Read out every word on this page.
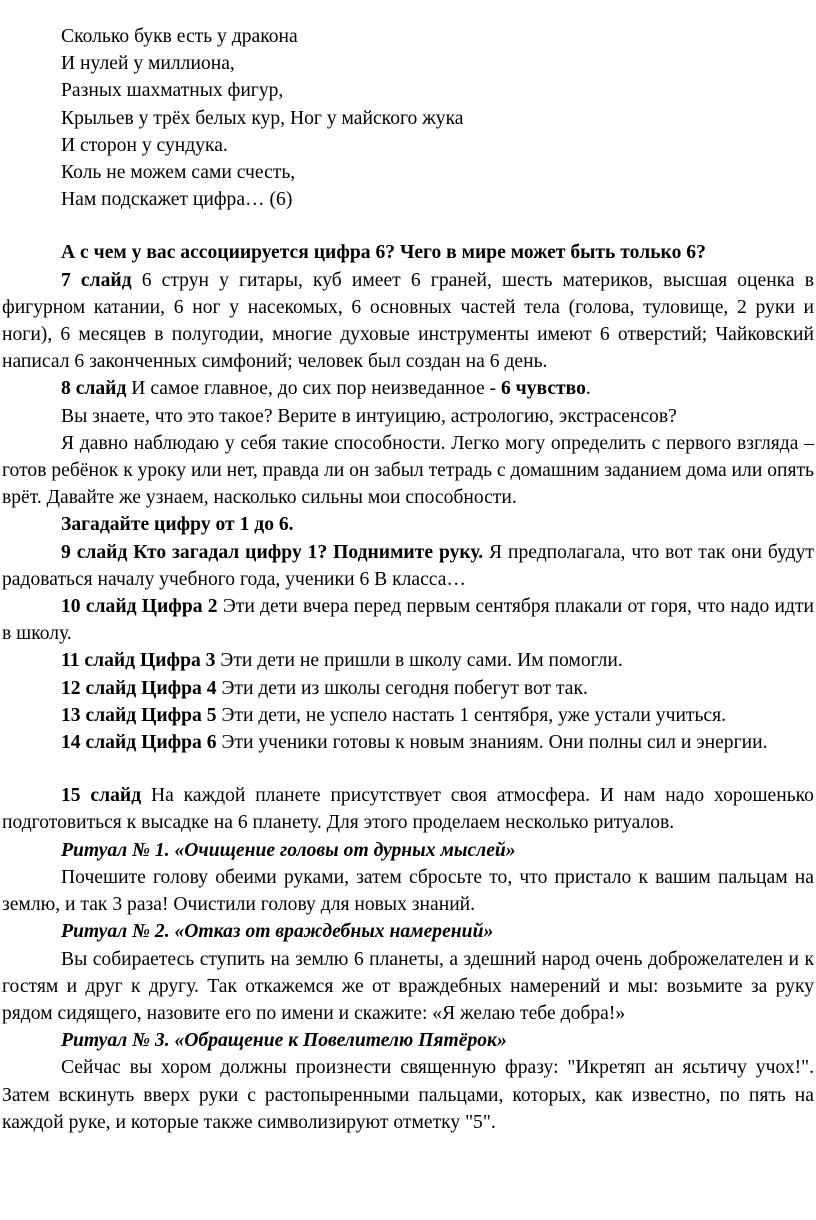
Сколько букв есть у дракона

И нулей у миллиона,

Разных шахматных фигур,

Крыльев у трёх белых кур, Ног у майского жука

И сторон у сундука.

Коль не можем сами счесть,

Нам подскажет цифра… (6)

А с чем у вас ассоциируется цифра 6? Чего в мире может быть только 6?

7 слайд 6 струн у гитары, куб имеет 6 граней, шесть материков, высшая оценка в фигурном катании, 6 ног у насекомых, 6 основных частей тела (голова, туловище, 2 руки и ноги), 6 месяцев в полугодии, многие духовые инструменты имеют 6 отверстий; Чайковский написал 6 законченных симфоний; человек был создан на 6 день.

8 слайд И самое главное, до сих пор неизведанное - 6 чувство.

Вы знаете, что это такое? Верите в интуицию, астрологию, экстрасенсов?

Я давно наблюдаю у себя такие способности. Легко могу определить с первого взгляда – готов ребёнок к уроку или нет, правда ли он забыл тетрадь с домашним заданием дома или опять врёт. Давайте же узнаем, насколько сильны мои способности.

Загадайте цифру от 1 до 6.

9 слайд Кто загадал цифру 1? Поднимите руку. Я предполагала, что вот так они будут радоваться началу учебного года, ученики 6 В класса…

10 слайд Цифра 2 Эти дети вчера перед первым сентября плакали от горя, что надо идти в школу.

11 слайд Цифра 3 Эти дети не пришли в школу сами. Им помогли.

12 слайд Цифра 4 Эти дети из школы сегодня побегут вот так.

13 слайд Цифра 5 Эти дети, не успело настать 1 сентября, уже устали учиться.

14 слайд Цифра 6 Эти ученики готовы к новым знаниям. Они полны сил и энергии.

15 слайд На каждой планете присутствует своя атмосфера. И нам надо хорошенько подготовиться к высадке на 6 планету. Для этого проделаем несколько ритуалов.

Ритуал № 1. «Очищение головы от дурных мыслей»

Почешите голову обеими руками, затем сбросьте то, что пристало к вашим пальцам на землю, и так 3 раза! Очистили голову для новых знаний.

Ритуал № 2. «Отказ от враждебных намерений»

Вы собираетесь ступить на землю 6 планеты, а здешний народ очень доброжелателен и к гостям и друг к другу. Так откажемся же от враждебных намерений и мы: возьмите за руку рядом сидящего, назовите его по имени и скажите: «Я желаю тебе добра!»

Ритуал № 3. «Обращение к Повелителю Пятёрок»

Сейчас вы хором должны произнести священную фразу: "Икретяп ан ясьтичу учох!". Затем вскинуть вверх руки с растопыренными пальцами, которых, как известно, по пять на каждой руке, и которые также символизируют отметку "5".
